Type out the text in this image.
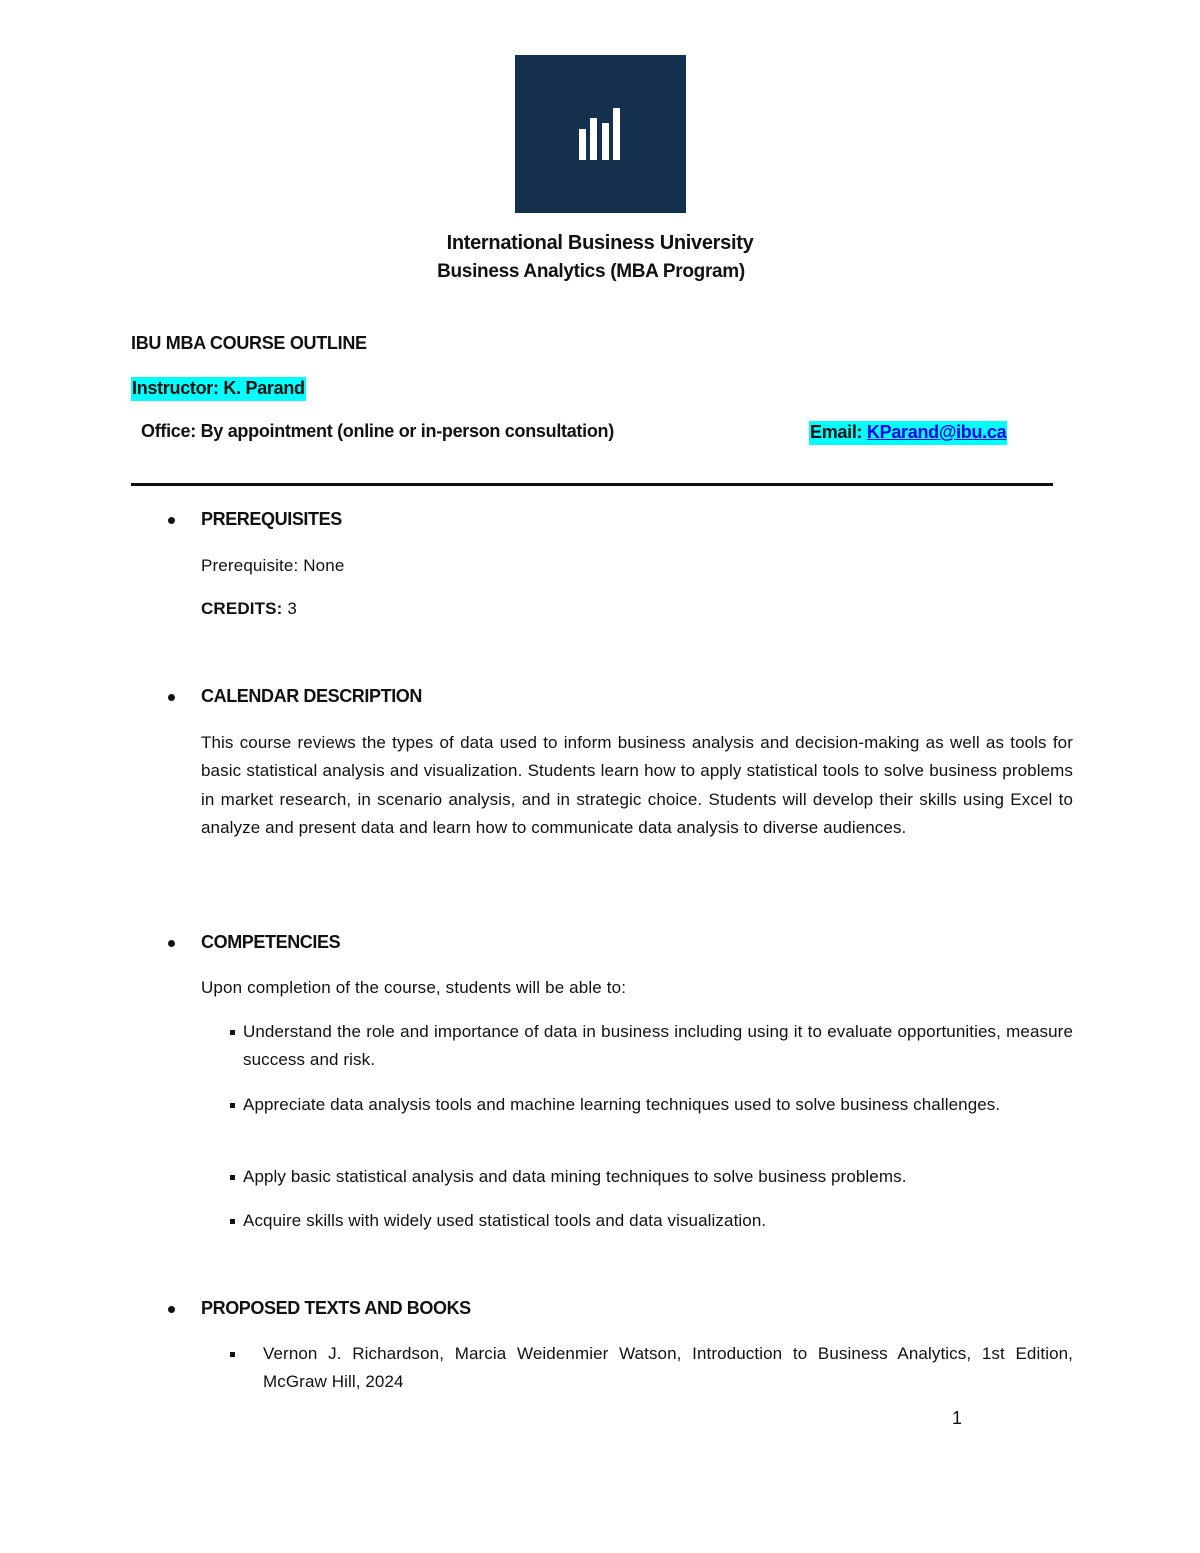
International Business University
Business Analytics (MBA Program)
IBU MBA COURSE OUTLINE
Instructor: K. Parand
Office: By appointment (online or in-person consultation)	Email: KParand@ibu.ca
PREREQUISITES
Prerequisite: None
CREDITS: 3
CALENDAR DESCRIPTION
This course reviews the types of data used to inform business analysis and decision-making as well as tools for basic statistical analysis and visualization. Students learn how to apply statistical tools to solve business problems in market research, in scenario analysis, and in strategic choice. Students will develop their skills using Excel to analyze and present data and learn how to communicate data analysis to diverse audiences.
COMPETENCIES
Upon completion of the course, students will be able to:
Understand the role and importance of data in business including using it to evaluate opportunities, measure success and risk.
Appreciate data analysis tools and machine learning techniques used to solve business challenges.
Apply basic statistical analysis and data mining techniques to solve business problems.
Acquire skills with widely used statistical tools and data visualization.
PROPOSED TEXTS AND BOOKS
Vernon J. Richardson, Marcia Weidenmier Watson, Introduction to Business Analytics, 1st Edition, McGraw Hill, 2024
1
